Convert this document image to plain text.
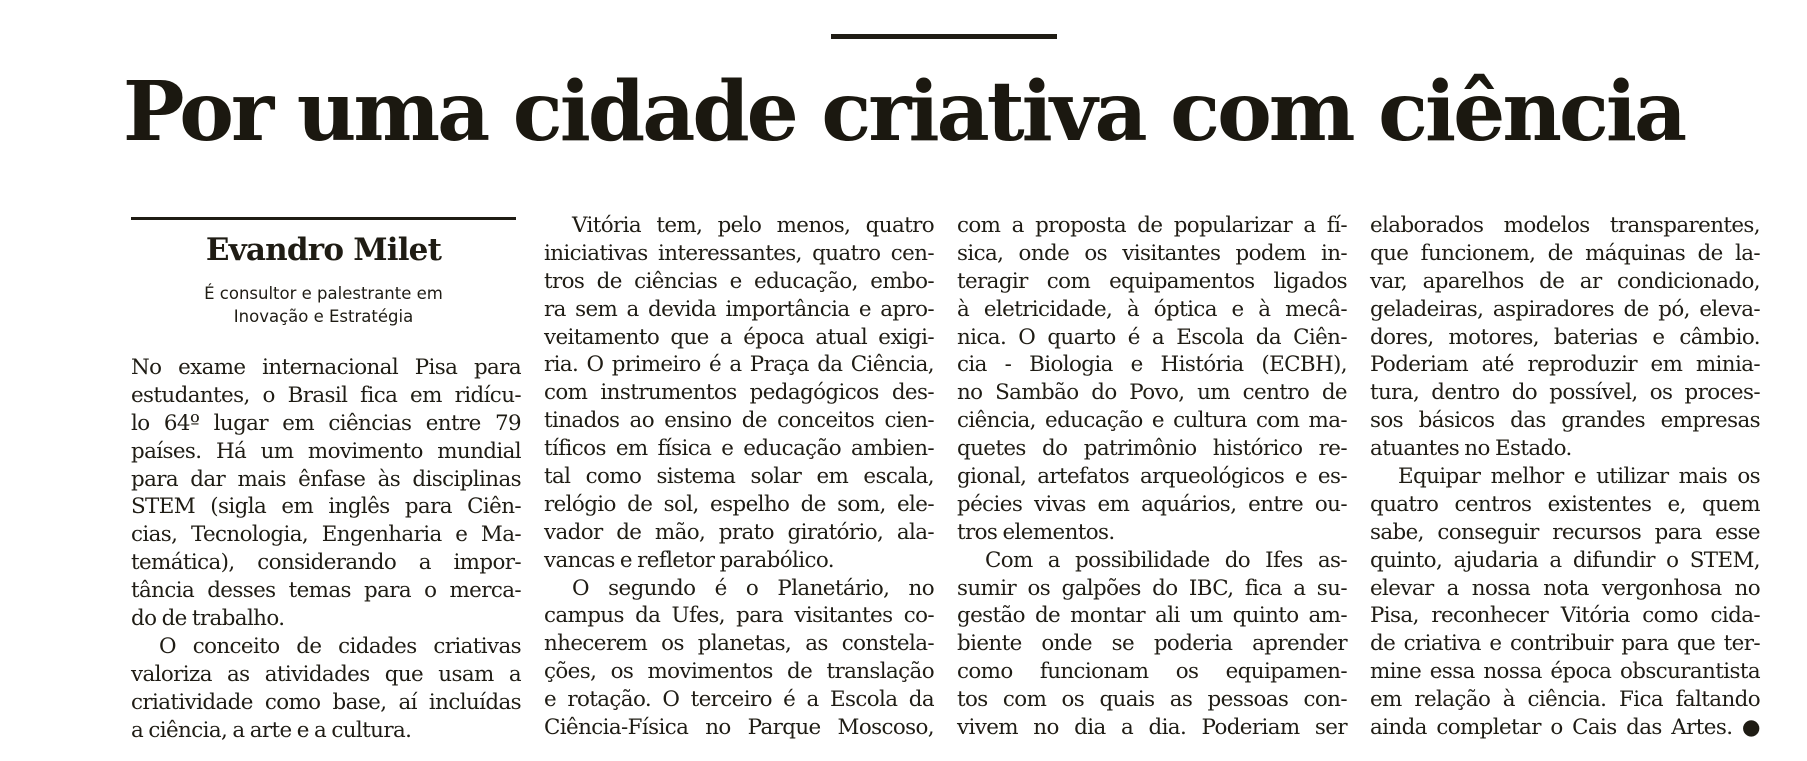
Por uma cidade criativa com ciência
Evandro Milet
É consultor e palestrante em
Inovação e Estratégia
No exame internacional Pisa para
estudantes, o Brasil fica em ridícu-
lo 64º lugar em ciências entre 79
países. Há um movimento mundial
para dar mais ênfase às disciplinas
STEM (sigla em inglês para Ciên-
cias, Tecnologia, Engenharia e Ma-
temática), considerando a impor-
tância desses temas para o merca-
do de trabalho.
O conceito de cidades criativas
valoriza as atividades que usam a
criatividade como base, aí incluídas
a ciência, a arte e a cultura.
Vitória tem, pelo menos, quatro
iniciativas interessantes, quatro cen-
tros de ciências e educação, embo-
ra sem a devida importância e apro-
veitamento que a época atual exigi-
ria. O primeiro é a Praça da Ciência,
com instrumentos pedagógicos des-
tinados ao ensino de conceitos cien-
tíficos em física e educação ambien-
tal como sistema solar em escala,
relógio de sol, espelho de som, ele-
vador de mão, prato giratório, ala-
vancas e refletor parabólico.
O segundo é o Planetário, no
campus da Ufes, para visitantes co-
nhecerem os planetas, as constela-
ções, os movimentos de translação
e rotação. O terceiro é a Escola da
Ciência-Física no Parque Moscoso,
com a proposta de popularizar a fí-
sica, onde os visitantes podem in-
teragir com equipamentos ligados
à eletricidade, à óptica e à mecâ-
nica. O quarto é a Escola da Ciên-
cia - Biologia e História (ECBH),
no Sambão do Povo, um centro de
ciência, educação e cultura com ma-
quetes do patrimônio histórico re-
gional, artefatos arqueológicos e es-
pécies vivas em aquários, entre ou-
tros elementos.
Com a possibilidade do Ifes as-
sumir os galpões do IBC, fica a su-
gestão de montar ali um quinto am-
biente onde se poderia aprender
como funcionam os equipamen-
tos com os quais as pessoas con-
vivem no dia a dia. Poderiam ser
elaborados modelos transparentes,
que funcionem, de máquinas de la-
var, aparelhos de ar condicionado,
geladeiras, aspiradores de pó, eleva-
dores, motores, baterias e câmbio.
Poderiam até reproduzir em minia-
tura, dentro do possível, os proces-
sos básicos das grandes empresas
atuantes no Estado.
Equipar melhor e utilizar mais os
quatro centros existentes e, quem
sabe, conseguir recursos para esse
quinto, ajudaria a difundir o STEM,
elevar a nossa nota vergonhosa no
Pisa, reconhecer Vitória como cida-
de criativa e contribuir para que ter-
mine essa nossa época obscurantista
em relação à ciência. Fica faltando
ainda completar o Cais das Artes. ●
